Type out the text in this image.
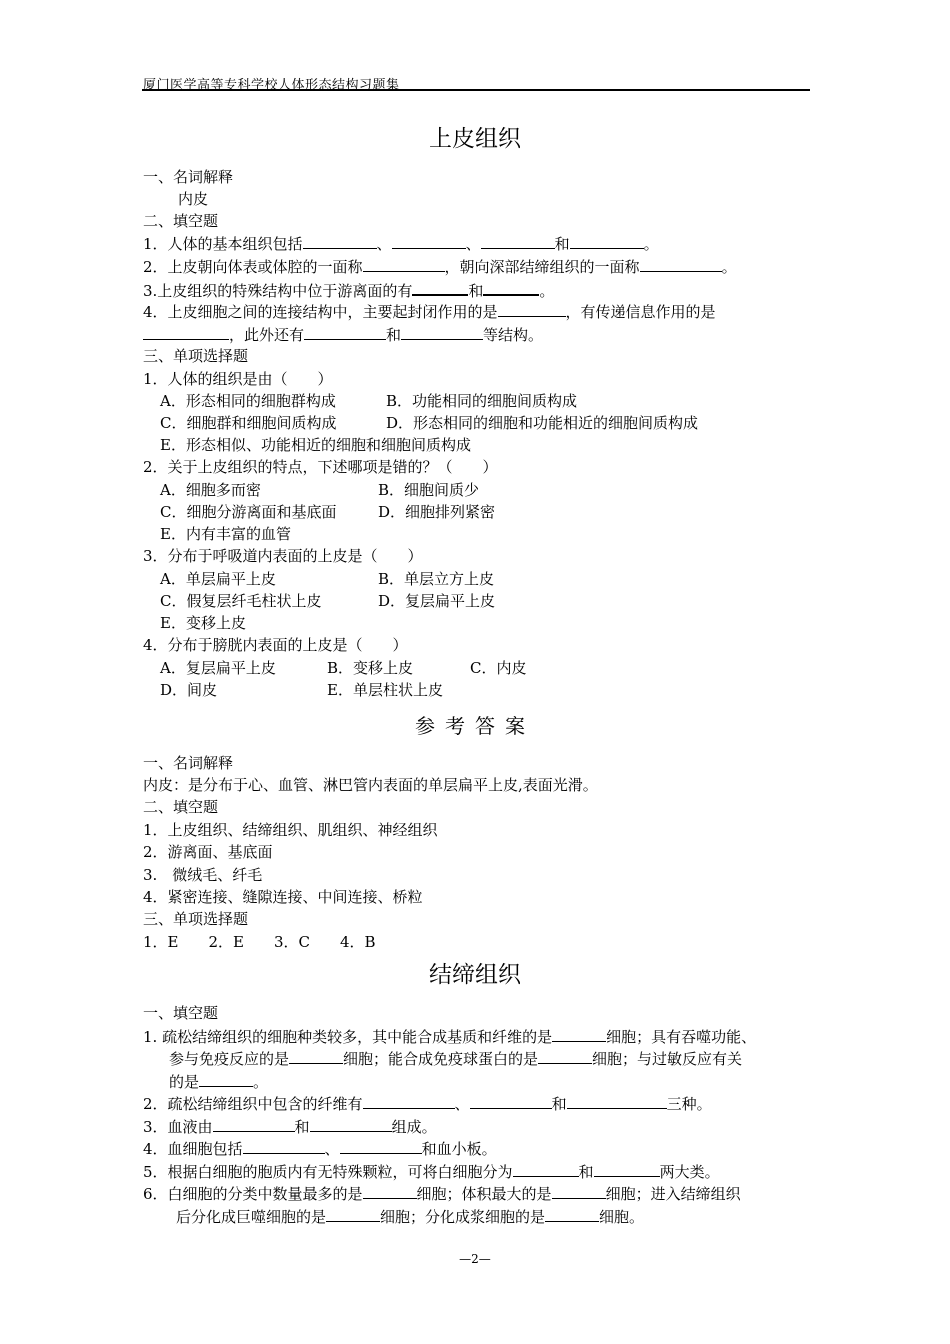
厦门医学高等专科学校人体形态结构习题集
上皮组织
一、名词解释
内皮
二、填空题
1．人体的基本组织包括	、	、	和	。
2．上皮朝向体表或体腔的一面称	，朝向深部结缔组织的一面称	。
3.上皮组织的特殊结构中位于游离面的有	和	。
4．上皮细胞之间的连接结构中，主要起封闭作用的是	，有传递信息作用的是
，此外还有	和	等结构。
三、单项选择题
1．人体的组织是由（　　）
A．形态相同的细胞群构成	B．功能相同的细胞间质构成
C．细胞群和细胞间质构成	D．形态相同的细胞和功能相近的细胞间质构成
E．形态相似、功能相近的细胞和细胞间质构成
2．关于上皮组织的特点，下述哪项是错的？（　　）
A．细胞多而密	B．细胞间质少
C．细胞分游离面和基底面	D．细胞排列紧密
E．内有丰富的血管
3．分布于呼吸道内表面的上皮是（　　）
A．单层扁平上皮	B．单层立方上皮
C．假复层纤毛柱状上皮	D．复层扁平上皮
E．变移上皮
4．分布于膀胱内表面的上皮是（　　）
A．复层扁平上皮	B．变移上皮	C．内皮
D．间皮	E．单层柱状上皮
参考答案
一、名词解释
内皮：是分布于心、血管、淋巴管内表面的单层扁平上皮,表面光滑。
二、填空题
1．上皮组织、结缔组织、肌组织、神经组织
2．游离面、基底面
3.　微绒毛、纤毛
4．紧密连接、缝隙连接、中间连接、桥粒
三、单项选择题
1．E　　2．E　　3．C　　4．B
结缔组织
一、填空题
1. 疏松结缔组织的细胞种类较多，其中能合成基质和纤维的是	细胞；具有吞噬功能、
参与免疫反应的是	细胞；能合成免疫球蛋白的是	细胞；与过敏反应有关
的是	。
2．疏松结缔组织中包含的纤维有	、	和	三种。
3．血液由	和	组成。
4．血细胞包括	、	和血小板。
5．根据白细胞的胞质内有无特殊颗粒，可将白细胞分为	和	两大类。
6．白细胞的分类中数量最多的是	细胞；体积最大的是	细胞；进入结缔组织
后分化成巨噬细胞的是	细胞；分化成浆细胞的是	细胞。
—2—
